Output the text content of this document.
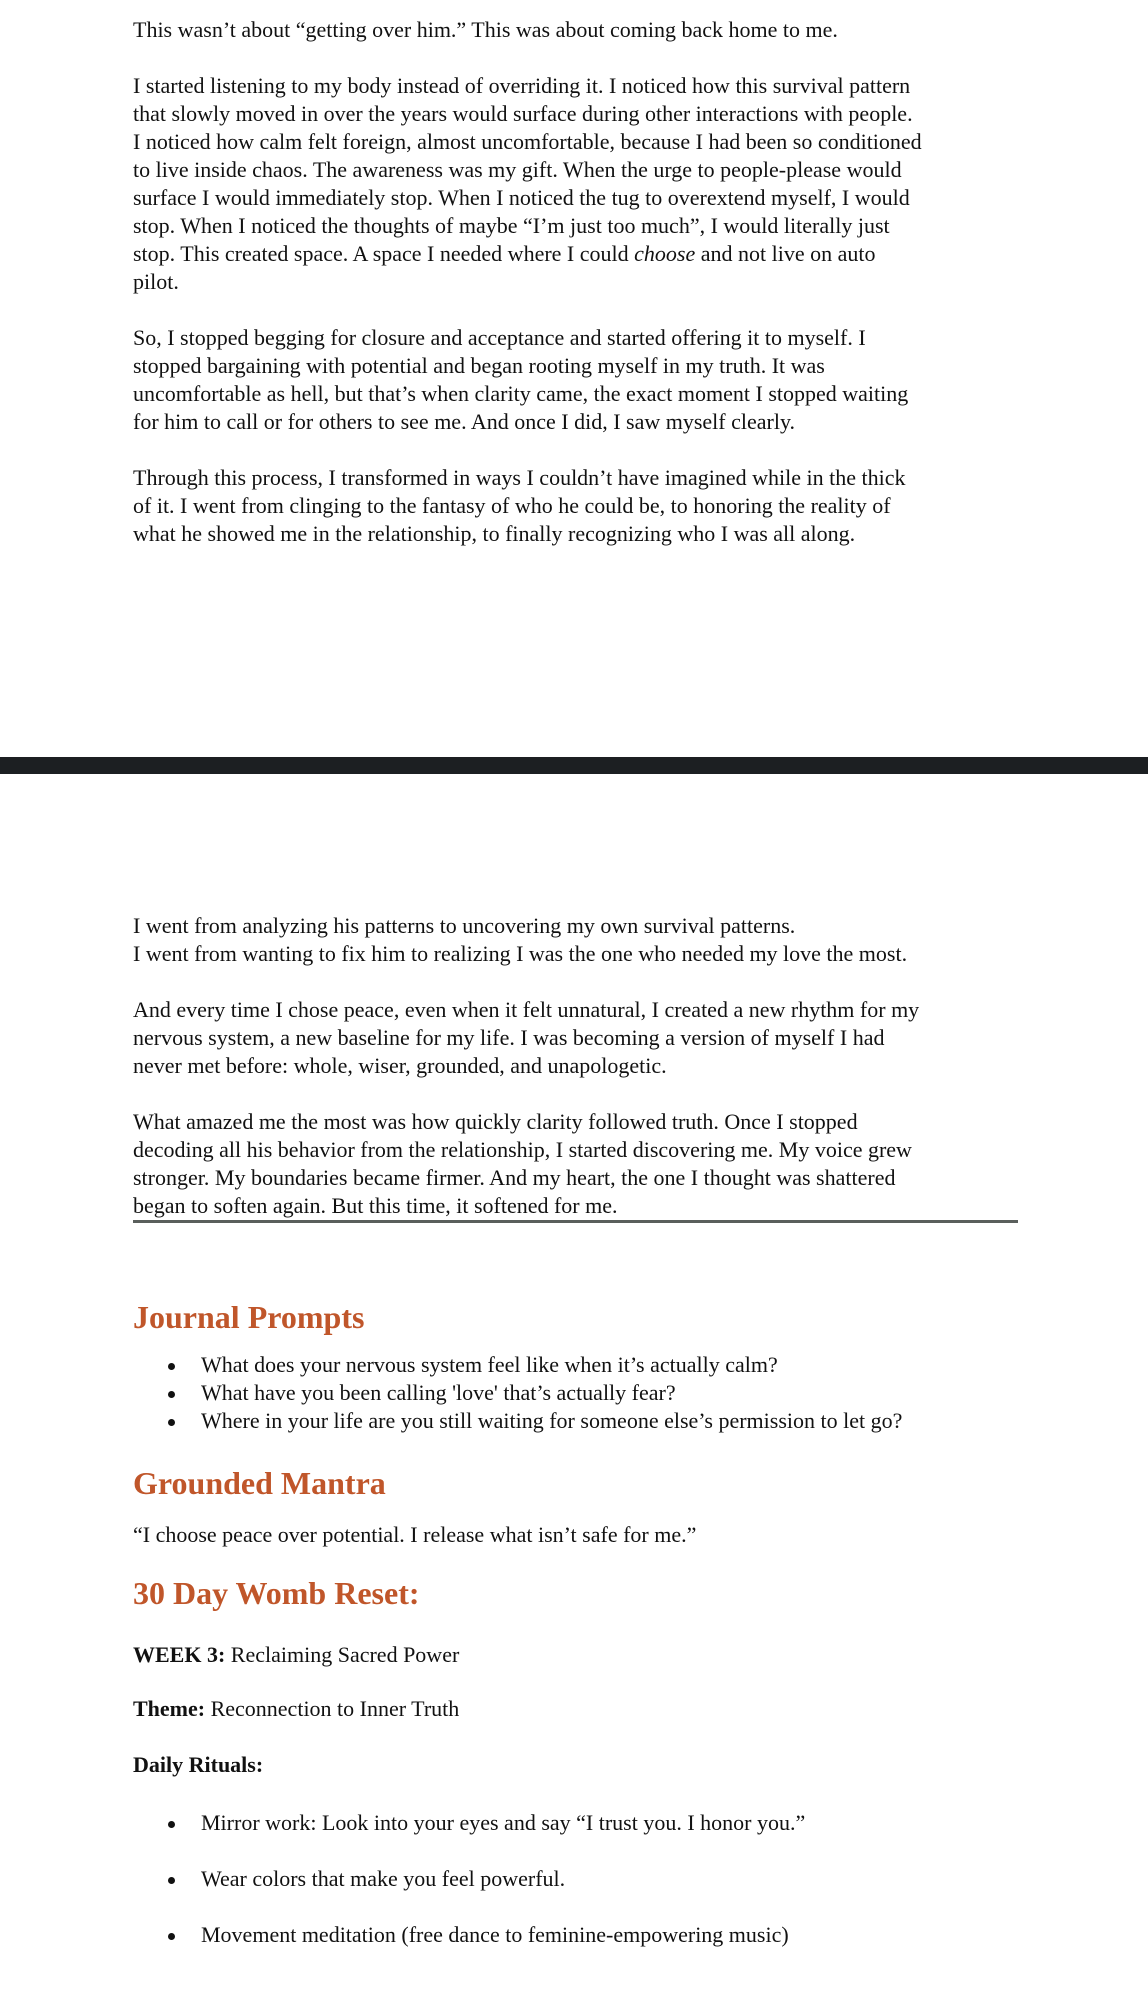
This wasn’t about “getting over him.” This was about coming back home to me.

I started listening to my body instead of overriding it. I noticed how this survival pattern
that slowly moved in over the years would surface during other interactions with people.
I noticed how calm felt foreign, almost uncomfortable, because I had been so conditioned
to live inside chaos. The awareness was my gift. When the urge to people-please would
surface I would immediately stop. When I noticed the tug to overextend myself, I would
stop. When I noticed the thoughts of maybe “I’m just too much”, I would literally just
stop. This created space. A space I needed where I could choose and not live on auto
pilot.

So, I stopped begging for closure and acceptance and started offering it to myself. I
stopped bargaining with potential and began rooting myself in my truth. It was
uncomfortable as hell, but that’s when clarity came, the exact moment I stopped waiting
for him to call or for others to see me. And once I did, I saw myself clearly.

Through this process, I transformed in ways I couldn’t have imagined while in the thick
of it. I went from clinging to the fantasy of who he could be, to honoring the reality of
what he showed me in the relationship, to finally recognizing who I was all along.

I went from analyzing his patterns to uncovering my own survival patterns.
I went from wanting to fix him to realizing I was the one who needed my love the most.

And every time I chose peace, even when it felt unnatural, I created a new rhythm for my
nervous system, a new baseline for my life. I was becoming a version of myself I had
never met before: whole, wiser, grounded, and unapologetic.

What amazed me the most was how quickly clarity followed truth. Once I stopped
decoding all his behavior from the relationship, I started discovering me. My voice grew
stronger. My boundaries became firmer. And my heart, the one I thought was shattered
began to soften again. But this time, it softened for me.

Journal Prompts
What does your nervous system feel like when it’s actually calm?
What have you been calling 'love' that’s actually fear?
Where in your life are you still waiting for someone else’s permission to let go?
Grounded Mantra

“I choose peace over potential. I release what isn’t safe for me.”

30 Day Womb Reset:

WEEK 3: Reclaiming Sacred Power

Theme: Reconnection to Inner Truth

Daily Rituals:

Mirror work: Look into your eyes and say “I trust you. I honor you.”
Wear colors that make you feel powerful.
Movement meditation (free dance to feminine-empowering music)
